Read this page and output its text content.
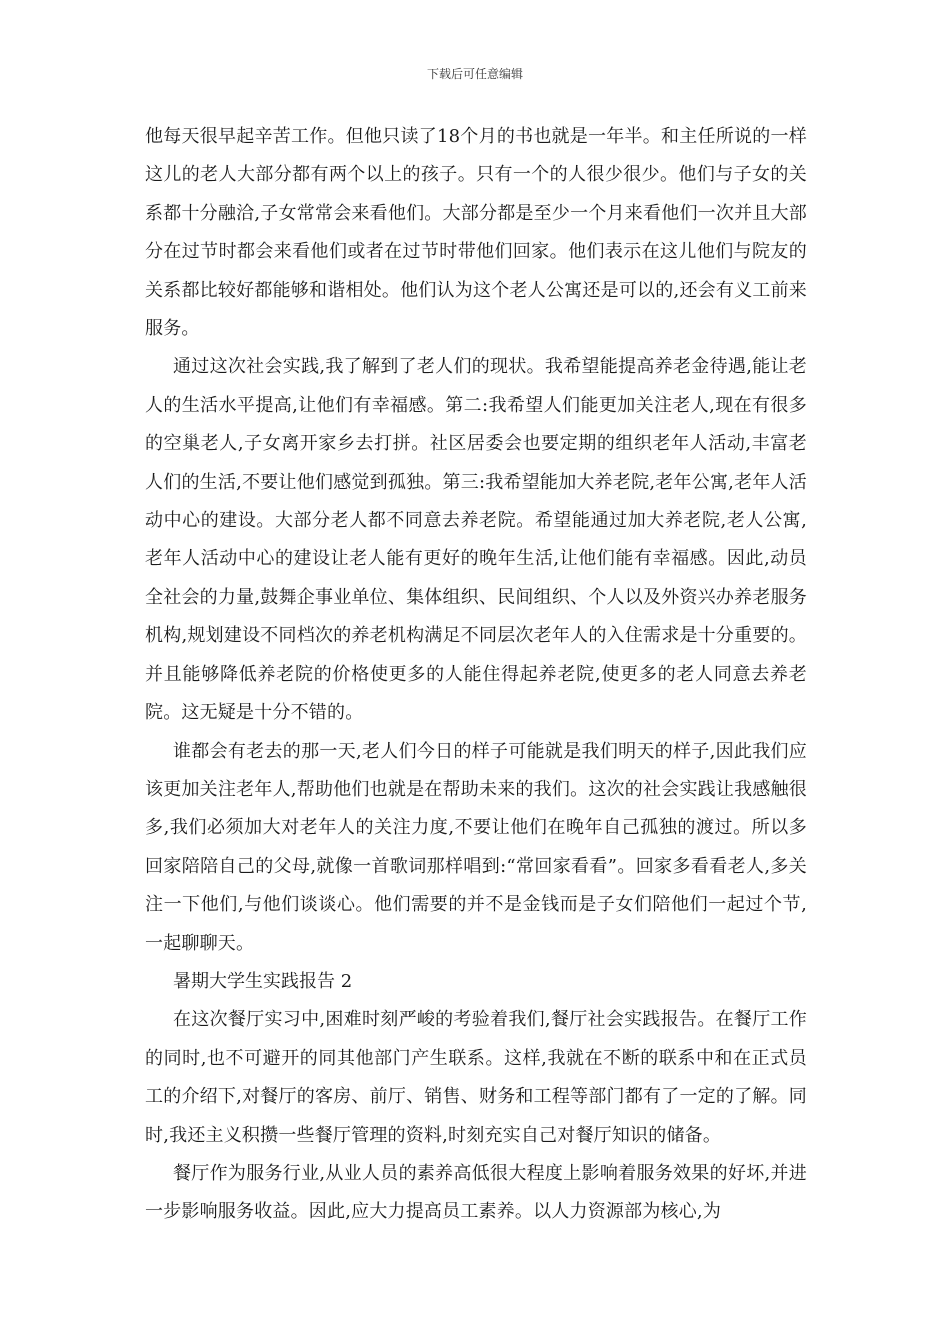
下载后可任意编辑

他每天很早起辛苦工作。但他只读了18个月的书也就是一年半。和主任所说的一样这儿的老人大部分都有两个以上的孩子。只有一个的人很少很少。他们与子女的关系都十分融洽,子女常常会来看他们。大部分都是至少一个月来看他们一次并且大部分在过节时都会来看他们或者在过节时带他们回家。他们表示在这儿他们与院友的关系都比较好都能够和谐相处。他们认为这个老人公寓还是可以的,还会有义工前来服务。

通过这次社会实践,我了解到了老人们的现状。我希望能提高养老金待遇,能让老人的生活水平提高,让他们有幸福感。第二:我希望人们能更加关注老人,现在有很多的空巢老人,子女离开家乡去打拼。社区居委会也要定期的组织老年人活动,丰富老人们的生活,不要让他们感觉到孤独。第三:我希望能加大养老院,老年公寓,老年人活动中心的建设。大部分老人都不同意去养老院。希望能通过加大养老院,老人公寓,老年人活动中心的建设让老人能有更好的晚年生活,让他们能有幸福感。因此,动员全社会的力量,鼓舞企事业单位、集体组织、民间组织、个人以及外资兴办养老服务机构,规划建设不同档次的养老机构满足不同层次老年人的入住需求是十分重要的。并且能够降低养老院的价格使更多的人能住得起养老院,使更多的老人同意去养老院。这无疑是十分不错的。

谁都会有老去的那一天,老人们今日的样子可能就是我们明天的样子,因此我们应该更加关注老年人,帮助他们也就是在帮助未来的我们。这次的社会实践让我感触很多,我们必须加大对老年人的关注力度,不要让他们在晚年自己孤独的渡过。所以多回家陪陪自己的父母,就像一首歌词那样唱到:“常回家看看”。回家多看看老人,多关注一下他们,与他们谈谈心。他们需要的并不是金钱而是子女们陪他们一起过个节,一起聊聊天。

暑期大学生实践报告 2

在这次餐厅实习中,困难时刻严峻的考验着我们,餐厅社会实践报告。在餐厅工作的同时,也不可避开的同其他部门产生联系。这样,我就在不断的联系中和在正式员工的介绍下,对餐厅的客房、前厅、销售、财务和工程等部门都有了一定的了解。同时,我还主义积攒一些餐厅管理的资料,时刻充实自己对餐厅知识的储备。

餐厅作为服务行业,从业人员的素养高低很大程度上影响着服务效果的好坏,并进一步影响服务收益。因此,应大力提高员工素养。以人力资源部为核心,为
